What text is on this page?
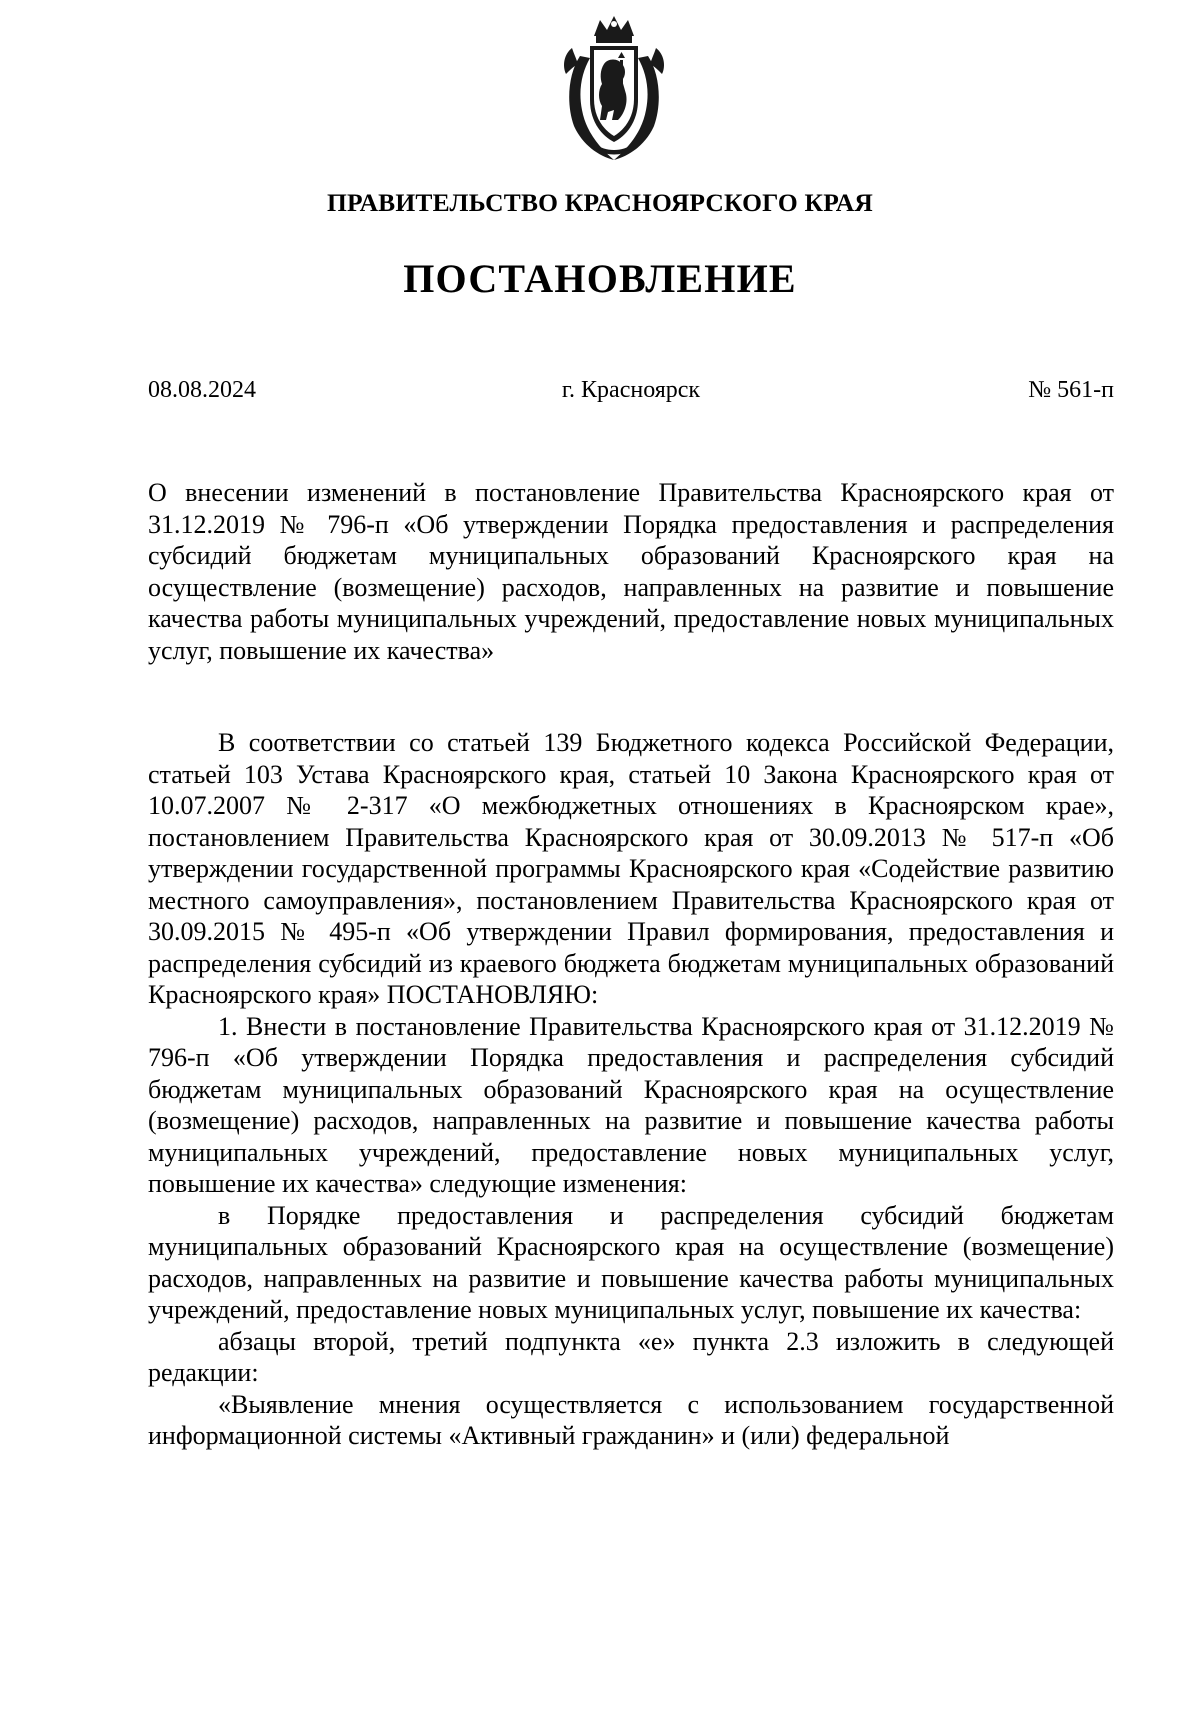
ПРАВИТЕЛЬСТВО КРАСНОЯРСКОГО КРАЯ
ПОСТАНОВЛЕНИЕ
г. Красноярск
08.08.2024	№ 561-п

О внесении изменений в постановление Правительства Красноярского края от 31.12.2019 № 796-п «Об утверждении Порядка предоставления и распределения субсидий бюджетам муниципальных образований Красноярского края на осуществление (возмещение) расходов, направленных на развитие и повышение качества работы муниципальных учреждений, предоставление новых муниципальных услуг, повышение их качества»

В соответствии со статьей 139 Бюджетного кодекса Российской Федерации, статьей 103 Устава Красноярского края, статьей 10 Закона Красноярского края от 10.07.2007 № 2-317 «О межбюджетных отношениях в Красноярском крае», постановлением Правительства Красноярского края от 30.09.2013 № 517-п «Об утверждении государственной программы Красноярского края «Содействие развитию местного самоуправления», постановлением Правительства Красноярского края от 30.09.2015 № 495-п «Об утверждении Правил формирования, предоставления и распределения субсидий из краевого бюджета бюджетам муниципальных образований Красноярского края» ПОСТАНОВЛЯЮ:

1. Внести в постановление Правительства Красноярского края от 31.12.2019 № 796-п «Об утверждении Порядка предоставления и распределения субсидий бюджетам муниципальных образований Красноярского края на осуществление (возмещение) расходов, направленных на развитие и повышение качества работы муниципальных учреждений, предоставление новых муниципальных услуг, повышение их качества» следующие изменения:

в Порядке предоставления и распределения субсидий бюджетам муниципальных образований Красноярского края на осуществление (возмещение) расходов, направленных на развитие и повышение качества работы муниципальных учреждений, предоставление новых муниципальных услуг, повышение их качества:

абзацы второй, третий подпункта «е» пункта 2.3 изложить в следующей редакции:

«Выявление мнения осуществляется с использованием государственной информационной системы «Активный гражданин» и (или) федеральной
